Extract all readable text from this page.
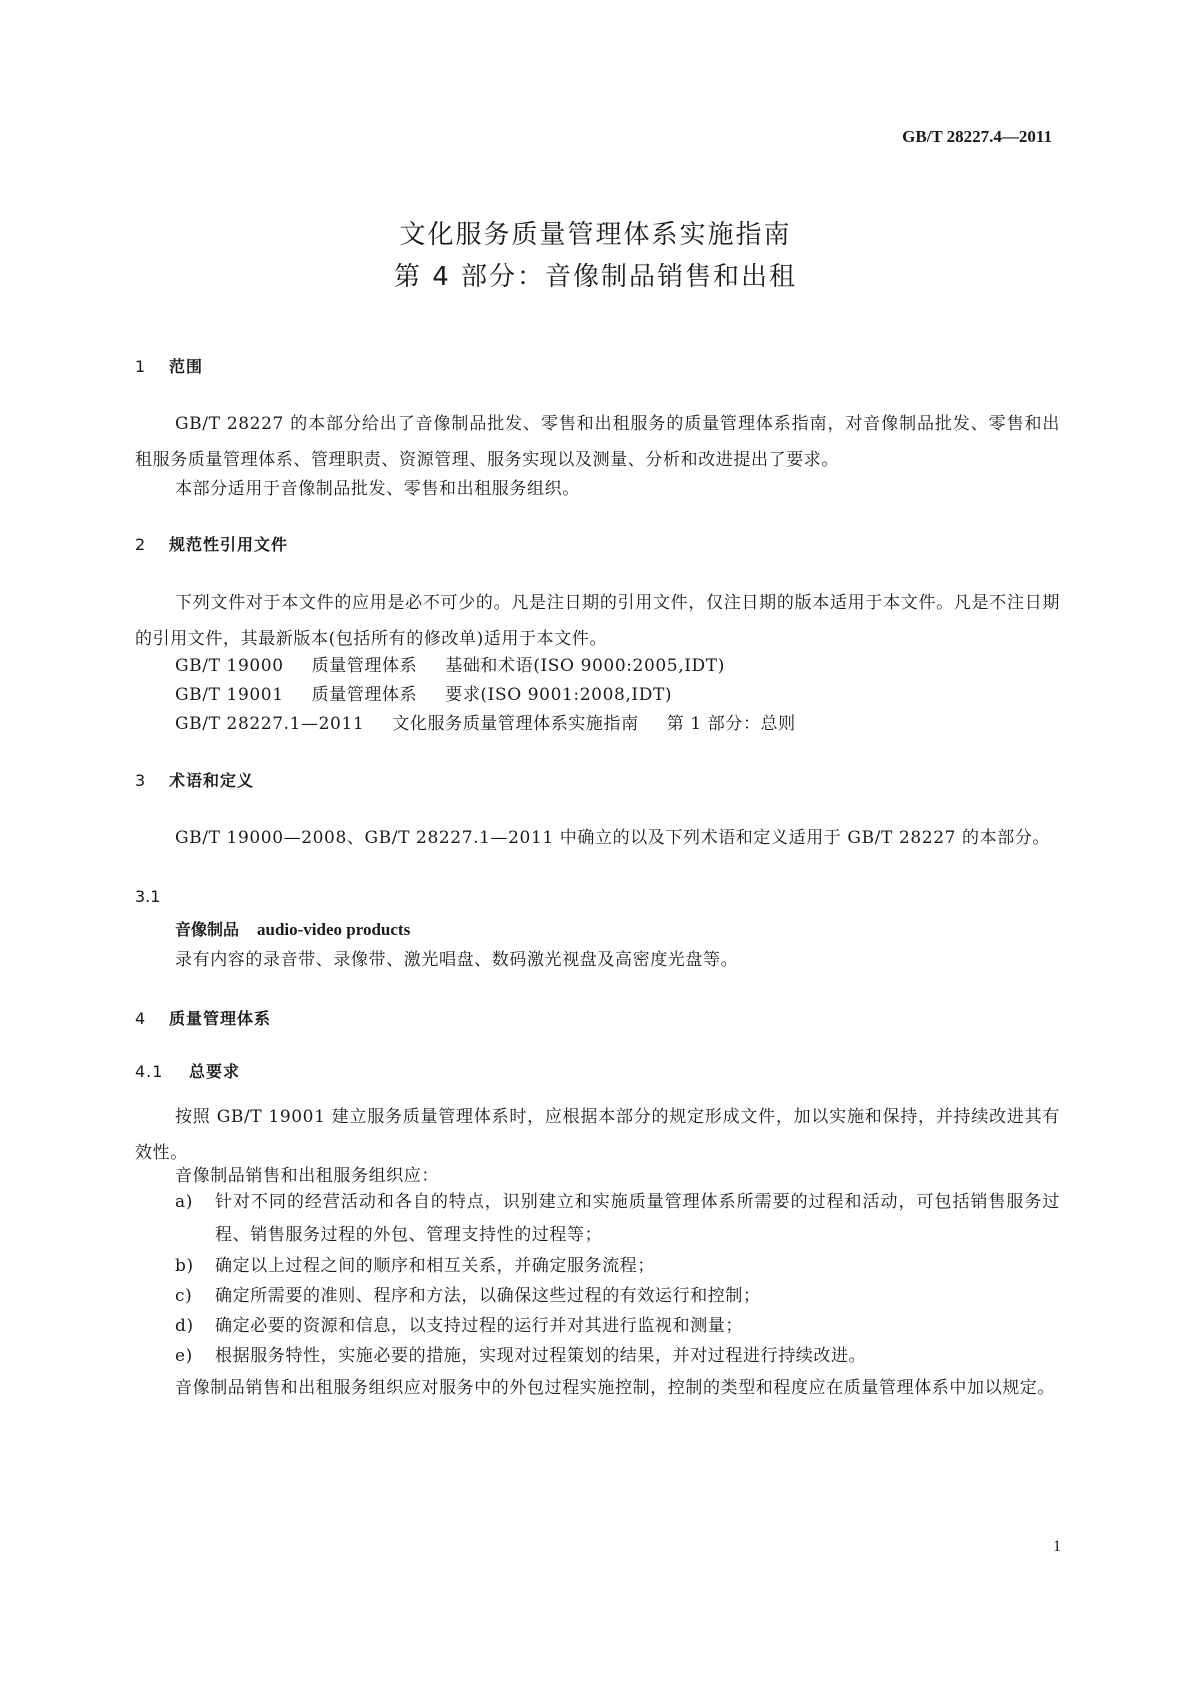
GB/T 28227.4—2011
文化服务质量管理体系实施指南
第 4 部分：音像制品销售和出租
1 范围
GB/T 28227 的本部分给出了音像制品批发、零售和出租服务的质量管理体系指南，对音像制品批发、零售和出租服务质量管理体系、管理职责、资源管理、服务实现以及测量、分析和改进提出了要求。
本部分适用于音像制品批发、零售和出租服务组织。
2 规范性引用文件
下列文件对于本文件的应用是必不可少的。凡是注日期的引用文件，仅注日期的版本适用于本文件。凡是不注日期的引用文件，其最新版本(包括所有的修改单)适用于本文件。
GB/T 19000 质量管理体系 基础和术语(ISO 9000:2005,IDT)
GB/T 19001 质量管理体系 要求(ISO 9001:2008,IDT)
GB/T 28227.1—2011 文化服务质量管理体系实施指南 第 1 部分：总则
3 术语和定义
GB/T 19000—2008、GB/T 28227.1—2011 中确立的以及下列术语和定义适用于 GB/T 28227 的本部分。
3.1
音像制品 audio-video products
录有内容的录音带、录像带、激光唱盘、数码激光视盘及高密度光盘等。
4 质量管理体系
4.1 总要求
按照 GB/T 19001 建立服务质量管理体系时，应根据本部分的规定形成文件，加以实施和保持，并持续改进其有效性。
音像制品销售和出租服务组织应：
a) 针对不同的经营活动和各自的特点，识别建立和实施质量管理体系所需要的过程和活动，可包括销售服务过程、销售服务过程的外包、管理支持性的过程等；
b) 确定以上过程之间的顺序和相互关系，并确定服务流程；
c) 确定所需要的准则、程序和方法，以确保这些过程的有效运行和控制；
d) 确定必要的资源和信息，以支持过程的运行并对其进行监视和测量；
e) 根据服务特性，实施必要的措施，实现对过程策划的结果，并对过程进行持续改进。
音像制品销售和出租服务组织应对服务中的外包过程实施控制，控制的类型和程度应在质量管理体系中加以规定。
1
